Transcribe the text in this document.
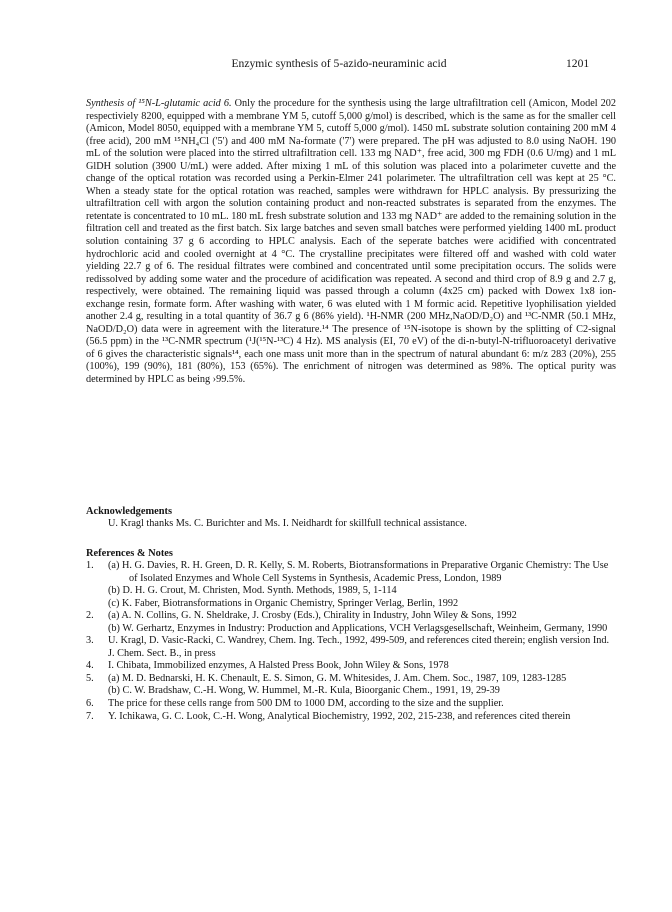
Enzymic synthesis of 5-azido-neuraminic acid	1201

Synthesis of ¹⁵N-L-glutamic acid 6. Only the procedure for the synthesis using the large ultrafiltration cell (Amicon, Model 202 respectiviely 8200, equipped with a membrane YM 5, cutoff 5,000 g/mol) is described, which is the same as for the smaller cell (Amicon, Model 8050, equipped with a membrane YM 5, cutoff 5,000 g/mol). 1450 mL substrate solution containing 200 mM 4 (free acid), 200 mM ¹⁵NH₄Cl ('5') and 400 mM Na-formate ('7') were prepared. The pH was adjusted to 8.0 using NaOH. 190 mL of the solution were placed into the stirred ultrafiltration cell. 133 mg NAD⁺, free acid, 300 mg FDH (0.6 U/mg) and 1 mL GlDH solution (3900 U/mL) were added. After mixing 1 mL of this solution was placed into a polarimeter cuvette and the change of the optical rotation was recorded using a Perkin-Elmer 241 polarimeter. The ultrafiltration cell was kept at 25 °C. When a steady state for the optical rotation was reached, samples were withdrawn for HPLC analysis. By pressurizing the ultrafiltration cell with argon the solution containing product and non-reacted substrates is separated from the enzymes. The retentate is concentrated to 10 mL. 180 mL fresh substrate solution and 133 mg NAD⁺ are added to the remaining solution in the filtration cell and treated as the first batch. Six large batches and seven small batches were performed yielding 1400 mL product solution containing 37 g 6 according to HPLC analysis. Each of the seperate batches were acidified with concentrated hydrochloric acid and cooled overnight at 4 °C. The crystalline precipitates were filtered off and washed with cold water yielding 22.7 g of 6. The residual filtrates were combined and concentrated until some precipitation occurs. The solids were redissolved by adding some water and the procedure of acidification was repeated. A second and third crop of 8.9 g and 2.7 g, respectively, were obtained. The remaining liquid was passed through a column (4x25 cm) packed with Dowex 1x8 ion-exchange resin, formate form. After washing with water, 6 was eluted with 1 M formic acid. Repetitive lyophilisation yielded another 2.4 g, resulting in a total quantity of 36.7 g 6 (86% yield). ¹H-NMR (200 MHz,NaOD/D₂O) and ¹³C-NMR (50.1 MHz, NaOD/D₂O) data were in agreement with the literature.¹⁴ The presence of ¹⁵N-isotope is shown by the splitting of C2-signal (56.5 ppm) in the ¹³C-NMR spectrum (¹J(¹⁵N-¹³C) 4 Hz). MS analysis (EI, 70 eV) of the di-n-butyl-N-trifluoroacetyl derivative of 6 gives the characteristic signals¹⁴, each one mass unit more than in the spectrum of natural abundant 6: m/z 283 (20%), 255 (100%), 199 (90%), 181 (80%), 153 (65%). The enrichment of nitrogen was determined as 98%. The optical purity was determined by HPLC as being ›99.5%.

Acknowledgements

U. Kragl thanks Ms. C. Burichter and Ms. I. Neidhardt for skillfull technical assistance.

References & Notes

1.	(a) H. G. Davies, R. H. Green, D. R. Kelly, S. M. Roberts, Biotransformations in Preparative Organic Chemistry: The Use of Isolated Enzymes and Whole Cell Systems in Synthesis, Academic Press, London, 1989
(b) D. H. G. Crout, M. Christen, Mod. Synth. Methods, 1989, 5, 1-114
(c) K. Faber, Biotransformations in Organic Chemistry, Springer Verlag, Berlin, 1992
2.	(a) A. N. Collins, G. N. Sheldrake, J. Crosby (Eds.), Chirality in Industry, John Wiley & Sons, 1992
(b) W. Gerhartz, Enzymes in Industry: Production and Applications, VCH Verlagsgesellschaft, Weinheim, Germany, 1990
3.	U. Kragl, D. Vasic-Racki, C. Wandrey, Chem. Ing. Tech., 1992, 499-509, and references cited therein; english version Ind. J. Chem. Sect. B., in press
4.	I. Chibata, Immobilized enzymes, A Halsted Press Book, John Wiley & Sons, 1978
5.	(a) M. D. Bednarski, H. K. Chenault, E. S. Simon, G. M. Whitesides, J. Am. Chem. Soc., 1987, 109, 1283-1285
(b) C. W. Bradshaw, C.-H. Wong, W. Hummel, M.-R. Kula, Bioorganic Chem., 1991, 19, 29-39
6.	The price for these cells range from 500 DM to 1000 DM, according to the size and the supplier.
7.	Y. Ichikawa, G. C. Look, C.-H. Wong, Analytical Biochemistry, 1992, 202, 215-238, and references cited therein
